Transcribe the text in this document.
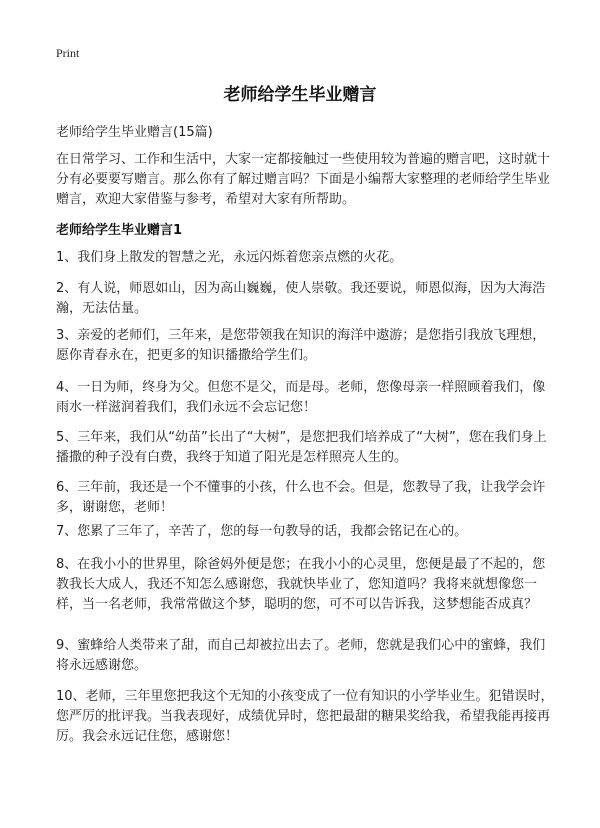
Print
老师给学生毕业赠言
老师给学生毕业赠言(15篇)
在日常学习、工作和生活中，大家一定都接触过一些使用较为普遍的赠言吧，这时就十分有必要要写赠言。那么你有了解过赠言吗？下面是小编帮大家整理的老师给学生毕业赠言，欢迎大家借鉴与参考，希望对大家有所帮助。
老师给学生毕业赠言1
1、我们身上散发的智慧之光，永远闪烁着您亲点燃的火花。
2、有人说，师恩如山，因为高山巍巍，使人崇敬。我还要说，师恩似海，因为大海浩瀚，无法估量。
3、亲爱的老师们，三年来，是您带领我在知识的海洋中遨游；是您指引我放飞理想，愿你青春永在，把更多的知识播撒给学生们。
4、一日为师，终身为父。但您不是父，而是母。老师，您像母亲一样照顾着我们，像雨水一样滋润着我们，我们永远不会忘记您！
5、三年来，我们从“幼苗”长出了“大树”，是您把我们培养成了“大树”，您在我们身上播撒的种子没有白费，我终于知道了阳光是怎样照亮人生的。
6、三年前，我还是一个不懂事的小孩，什么也不会。但是，您教导了我，让我学会许多，谢谢您，老师！
7、您累了三年了，辛苦了，您的每一句教导的话，我都会铭记在心的。
8、在我小小的世界里，除爸妈外便是您；在我小小的心灵里，您便是最了不起的，您教我长大成人，我还不知怎么感谢您，我就快毕业了，您知道吗？我将来就想像您一样，当一名老师，我常常做这个梦，聪明的您，可不可以告诉我，这梦想能否成真？
9、蜜蜂给人类带来了甜，而自己却被拉出去了。老师，您就是我们心中的蜜蜂，我们将永远感谢您。
10、老师，三年里您把我这个无知的小孩变成了一位有知识的小学毕业生。犯错误时，您严厉的批评我。当我表现好，成绩优异时，您把最甜的糖果奖给我，希望我能再接再厉。我会永远记住您，感谢您！
